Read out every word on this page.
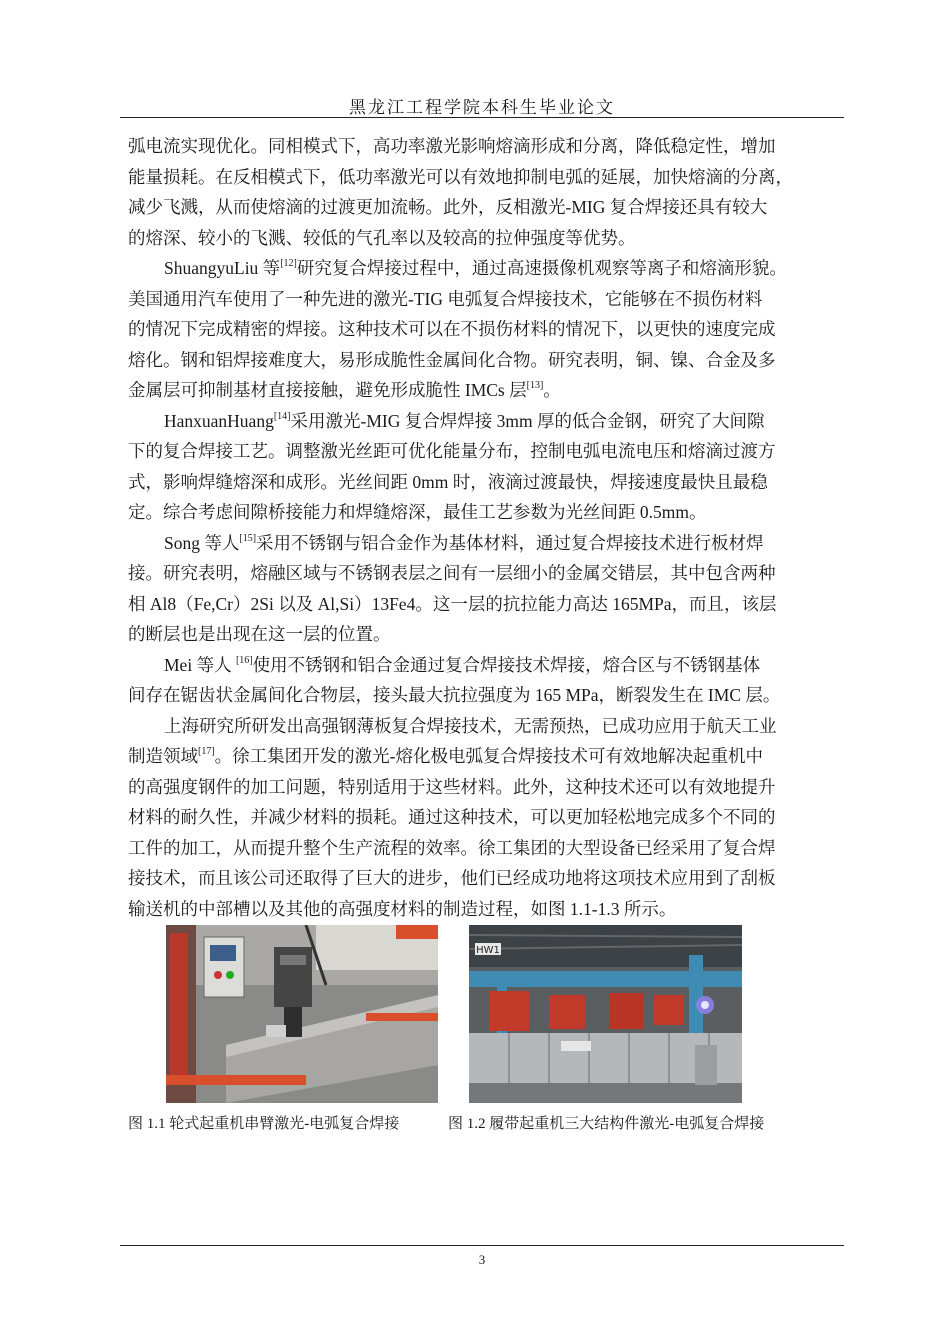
黑龙江工程学院本科生毕业论文
弧电流实现优化。同相模式下，高功率激光影响熔滴形成和分离，降低稳定性，增加
能量损耗。在反相模式下，低功率激光可以有效地抑制电弧的延展，加快熔滴的分离，
减少飞溅，从而使熔滴的过渡更加流畅。此外，反相激光-MIG 复合焊接还具有较大
的熔深、较小的飞溅、较低的气孔率以及较高的拉伸强度等优势。
ShuangyuLiu 等[12]研究复合焊接过程中，通过高速摄像机观察等离子和熔滴形貌。
美国通用汽车使用了一种先进的激光-TIG 电弧复合焊接技术，它能够在不损伤材料
的情况下完成精密的焊接。这种技术可以在不损伤材料的情况下，以更快的速度完成
熔化。钢和铝焊接难度大，易形成脆性金属间化合物。研究表明，铜、镍、合金及多
金属层可抑制基材直接接触，避免形成脆性 IMCs 层[13]。
HanxuanHuang[14]采用激光-MIG 复合焊焊接 3mm 厚的低合金钢，研究了大间隙
下的复合焊接工艺。调整激光丝距可优化能量分布，控制电弧电流电压和熔滴过渡方
式，影响焊缝熔深和成形。光丝间距 0mm 时，液滴过渡最快，焊接速度最快且最稳
定。综合考虑间隙桥接能力和焊缝熔深，最佳工艺参数为光丝间距 0.5mm。
Song 等人[15]采用不锈钢与铝合金作为基体材料，通过复合焊接技术进行板材焊
接。研究表明，熔融区域与不锈钢表层之间有一层细小的金属交错层，其中包含两种
相 Al8（Fe,Cr）2Si 以及 Al,Si）13Fe4。这一层的抗拉能力高达 165MPa，而且，该层
的断层也是出现在这一层的位置。
Mei 等人 [16]使用不锈钢和铝合金通过复合焊接技术焊接，熔合区与不锈钢基体
间存在锯齿状金属间化合物层，接头最大抗拉强度为 165 MPa，断裂发生在 IMC 层。
上海研究所研发出高强钢薄板复合焊接技术，无需预热，已成功应用于航天工业
制造领域[17]。徐工集团开发的激光-熔化极电弧复合焊接技术可有效地解决起重机中
的高强度钢件的加工问题，特别适用于这些材料。此外，这种技术还可以有效地提升
材料的耐久性，并减少材料的损耗。通过这种技术，可以更加轻松地完成多个不同的
工件的加工，从而提升整个生产流程的效率。徐工集团的大型设备已经采用了复合焊
接技术，而且该公司还取得了巨大的进步，他们已经成功地将这项技术应用到了刮板
输送机的中部槽以及其他的高强度材料的制造过程，如图 1.1-1.3 所示。
HW1
图 1.1 轮式起重机串臂激光-电弧复合焊接	图 1.2 履带起重机三大结构件激光-电弧复合焊接
3
